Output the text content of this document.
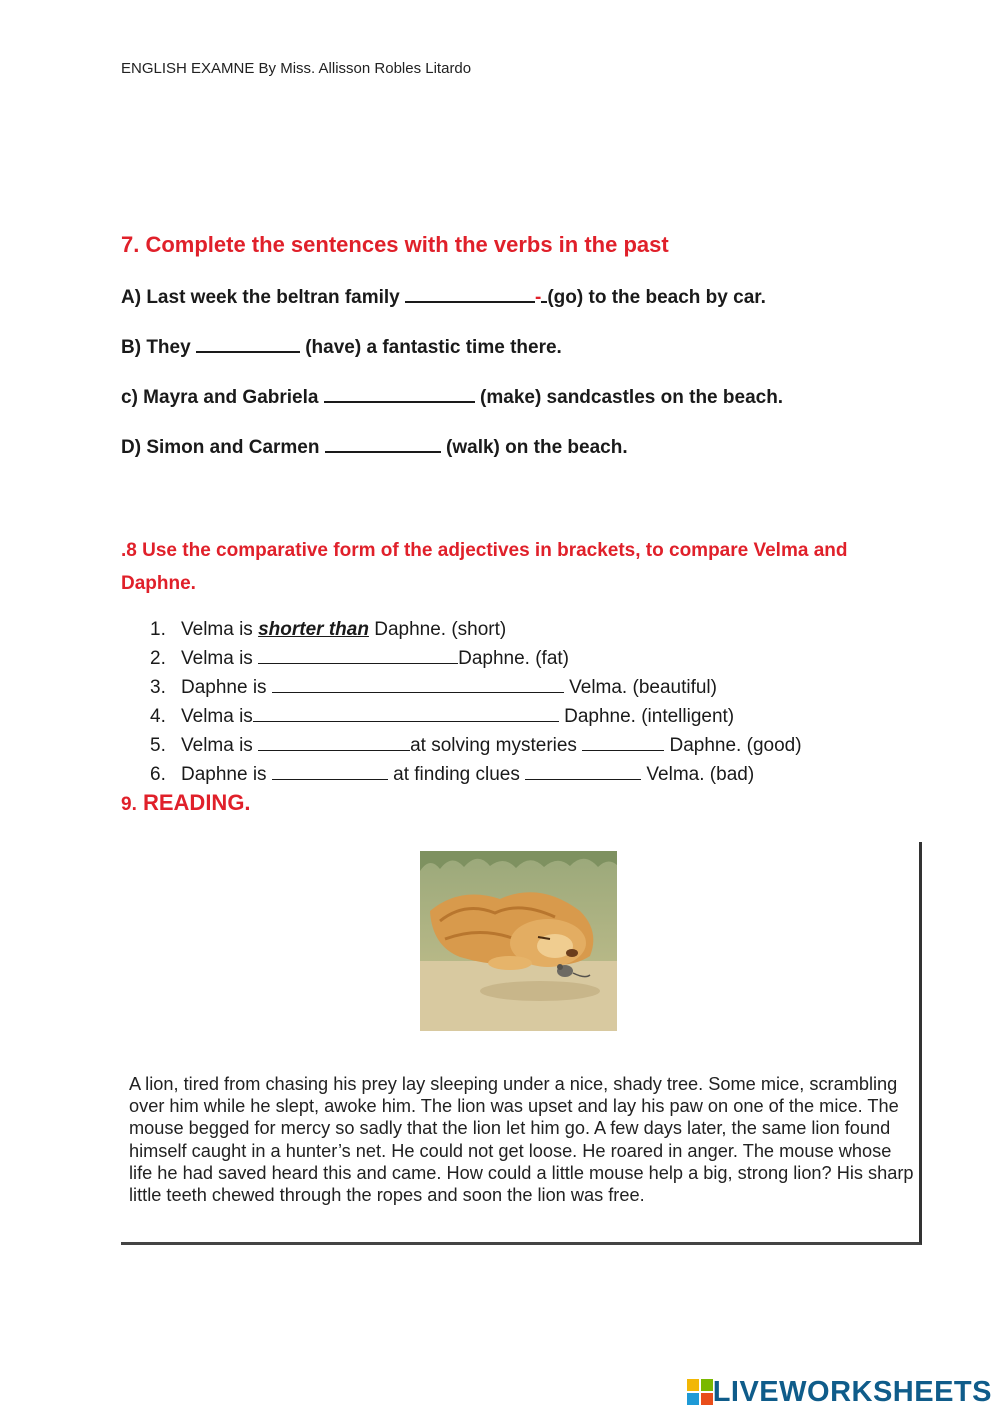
ENGLISH EXAMNE By Miss. Allisson Robles Litardo
7. Complete the sentences with the verbs in the past
A) Last week the beltran family	- (go) to the beach by car.
B) They	(have) a fantastic time there.
c) Mayra and Gabriela	(make) sandcastles on the beach.
D) Simon and Carmen	(walk) on the beach.
.8 Use the comparative form of the adjectives in brackets, to compare Velma and Daphne.
1. Velma is shorter than Daphne. (short)
2. Velma is	Daphne. (fat)
3. Daphne is	Velma. (beautiful)
4. Velma is	Daphne. (intelligent)
5. Velma is	at solving mysteries	Daphne. (good)
6. Daphne is	at finding clues	Velma. (bad)
9. READING.
A lion, tired from chasing his prey lay sleeping under a nice, shady tree. Some mice, scrambling over him while he slept, awoke him. The lion was upset and lay his paw on one of the mice. The mouse begged for mercy so sadly that the lion let him go. A few days later, the same lion found himself caught in a hunter’s net. He could not get loose. He roared in anger. The mouse whose life he had saved heard this and came. How could a little mouse help a big, strong lion? His sharp little teeth chewed through the ropes and soon the lion was free.
LIVEWORKSHEETS
